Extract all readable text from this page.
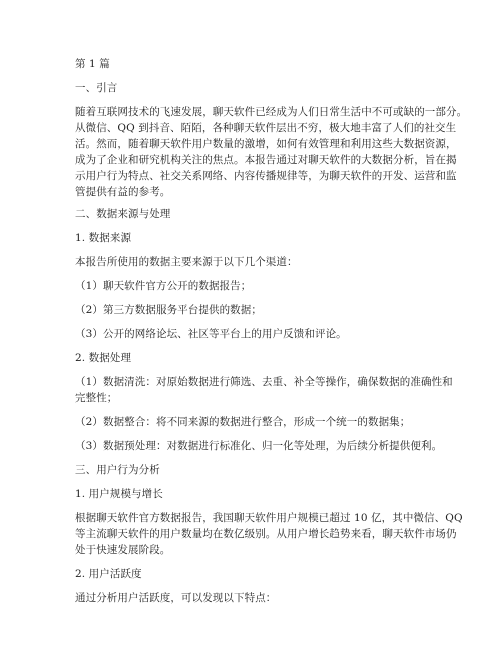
第 1 篇
一、引言
随着互联网技术的飞速发展，聊天软件已经成为人们日常生活中不可或缺的一部分。
从微信、QQ 到抖音、陌陌，各种聊天软件层出不穷，极大地丰富了人们的社交生
活。然而，随着聊天软件用户数量的激增，如何有效管理和利用这些大数据资源，
成为了企业和研究机构关注的焦点。本报告通过对聊天软件的大数据分析，旨在揭
示用户行为特点、社交关系网络、内容传播规律等，为聊天软件的开发、运营和监
管提供有益的参考。
二、数据来源与处理
1. 数据来源
本报告所使用的数据主要来源于以下几个渠道：
（1）聊天软件官方公开的数据报告；
（2）第三方数据服务平台提供的数据；
（3）公开的网络论坛、社区等平台上的用户反馈和评论。
2. 数据处理
（1）数据清洗：对原始数据进行筛选、去重、补全等操作，确保数据的准确性和
完整性；
（2）数据整合：将不同来源的数据进行整合，形成一个统一的数据集；
（3）数据预处理：对数据进行标准化、归一化等处理，为后续分析提供便利。
三、用户行为分析
1. 用户规模与增长
根据聊天软件官方数据报告，我国聊天软件用户规模已超过 10 亿，其中微信、QQ
等主流聊天软件的用户数量均在数亿级别。从用户增长趋势来看，聊天软件市场仍
处于快速发展阶段。
2. 用户活跃度
通过分析用户活跃度，可以发现以下特点：
